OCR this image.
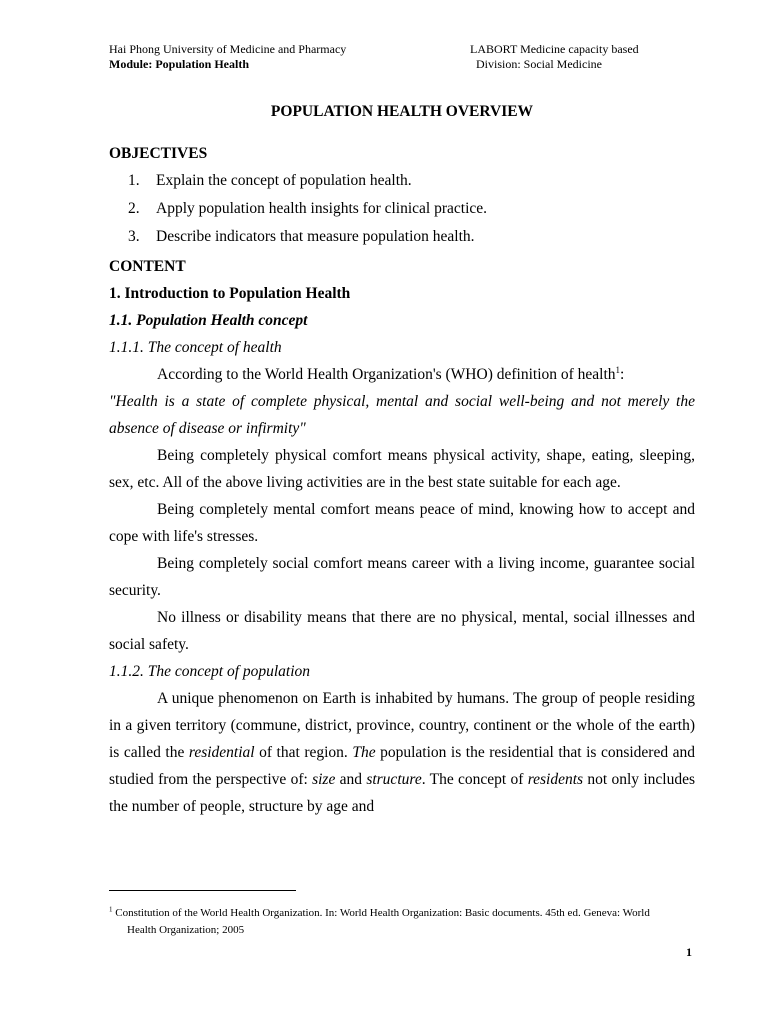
Hai Phong University of Medicine and Pharmacy
Module: Population Health
LABORT Medicine capacity based
Division: Social Medicine
POPULATION HEALTH OVERVIEW
OBJECTIVES
1. Explain the concept of population health.
2. Apply population health insights for clinical practice.
3. Describe indicators that measure population health.
CONTENT
1. Introduction to Population Health
1.1. Population Health concept
1.1.1. The concept of health

According to the World Health Organization's (WHO) definition of health$^1$:

"Health is a state of complete physical, mental and social well-being and not merely the absence of disease or infirmity"

Being completely physical comfort means physical activity, shape, eating, sleeping, sex, etc. All of the above living activities are in the best state suitable for each age.

Being completely mental comfort means peace of mind, knowing how to accept and cope with life's stresses.

Being completely social comfort means career with a living income, guarantee social security.

No illness or disability means that there are no physical, mental, social illnesses and social safety.

1.1.2. The concept of population

A unique phenomenon on Earth is inhabited by humans. The group of people residing in a given territory (commune, district, province, country, continent or the whole of the earth) is called the residential of that region. The population is the residential that is considered and studied from the perspective of: size and structure. The concept of residents not only includes the number of people, structure by age and

$^1$ Constitution of the World Health Organization. In: World Health Organization: Basic documents. 45th ed. Geneva: World
Health Organization; 2005
1
